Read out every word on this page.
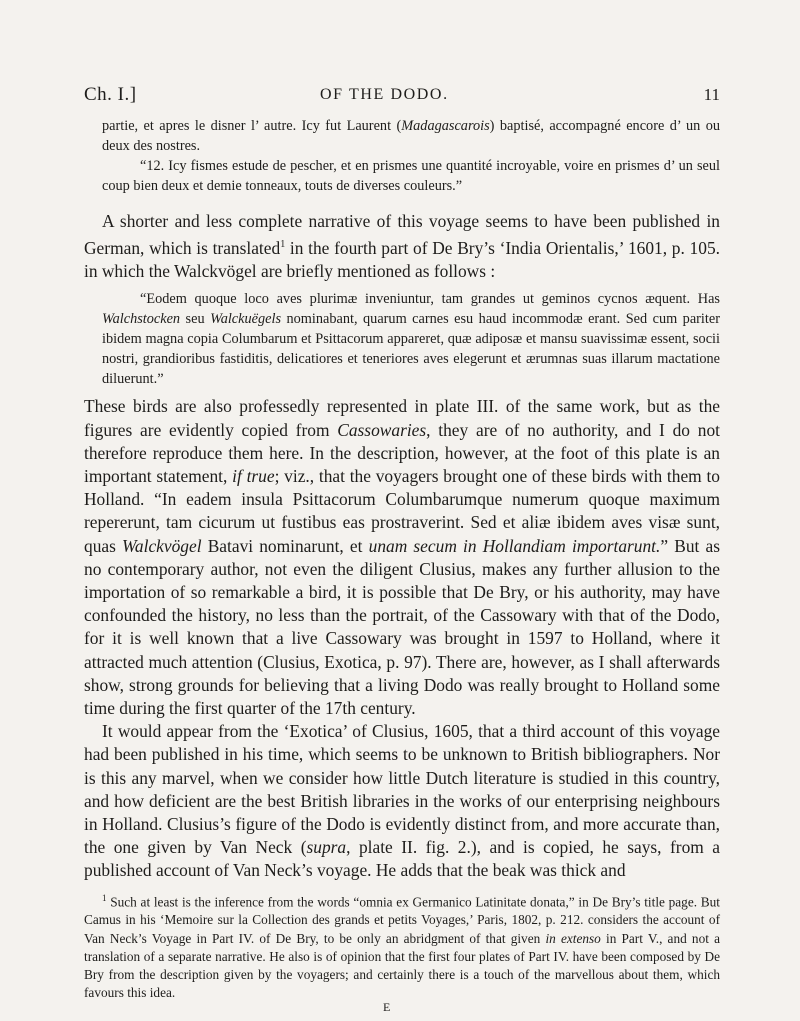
Ch. I.]	OF THE DODO.	11

partie, et apres le disner l’ autre. Icy fut Laurent (Madagascarois) baptisé, accompagné encore d’ un ou deux des nostres.

“12. Icy fismes estude de pescher, et en prismes une quantité incroyable, voire en prismes d’ un seul coup bien deux et demie tonneaux, touts de diverses couleurs.”

A shorter and less complete narrative of this voyage seems to have been published in German, which is translated$^1$ in the fourth part of De Bry’s ‘India Orientalis,’ 1601, p. 105. in which the Walckvögel are briefly mentioned as follows :

“Eodem quoque loco aves plurimæ inveniuntur, tam grandes ut geminos cycnos æquent. Has Walchstocken seu Walckuëgels nominabant, quarum carnes esu haud incommodæ erant. Sed cum pariter ibidem magna copia Columbarum et Psittacorum appareret, quæ adiposæ et mansu suavissimæ essent, socii nostri, grandioribus fastiditis, delicatiores et teneriores aves elegerunt et ærumnas suas illarum mactatione diluerunt.”

These birds are also professedly represented in plate III. of the same work, but as the figures are evidently copied from Cassowaries, they are of no authority, and I do not therefore reproduce them here. In the description, however, at the foot of this plate is an important statement, if true; viz., that the voyagers brought one of these birds with them to Holland. “In eadem insula Psittacorum Columbarumque numerum quoque maximum repererunt, tam cicurum ut fustibus eas prostraverint. Sed et aliæ ibidem aves visæ sunt, quas Walckvögel Batavi nominarunt, et unam secum in Hollandiam importarunt.” But as no contemporary author, not even the diligent Clusius, makes any further allusion to the importation of so remarkable a bird, it is possible that De Bry, or his authority, may have confounded the history, no less than the portrait, of the Cassowary with that of the Dodo, for it is well known that a live Cassowary was brought in 1597 to Holland, where it attracted much attention (Clusius, Exotica, p. 97). There are, however, as I shall afterwards show, strong grounds for believing that a living Dodo was really brought to Holland some time during the first quarter of the 17th century.

It would appear from the ‘Exotica’ of Clusius, 1605, that a third account of this voyage had been published in his time, which seems to be unknown to British bibliographers. Nor is this any marvel, when we consider how little Dutch literature is studied in this country, and how deficient are the best British libraries in the works of our enterprising neighbours in Holland. Clusius’s figure of the Dodo is evidently distinct from, and more accurate than, the one given by Van Neck (supra, plate II. fig. 2.), and is copied, he says, from a published account of Van Neck’s voyage. He adds that the beak was thick and

$^1$ Such at least is the inference from the words “omnia ex Germanico Latinitate donata,” in De Bry’s title page. But Camus in his ‘Memoire sur la Collection des grands et petits Voyages,’ Paris, 1802, p. 212. considers the account of Van Neck’s Voyage in Part IV. of De Bry, to be only an abridgment of that given in extenso in Part V., and not a translation of a separate narrative. He also is of opinion that the first four plates of Part IV. have been composed by De Bry from the description given by the voyagers; and certainly there is a touch of the marvellous about them, which favours this idea.

E
